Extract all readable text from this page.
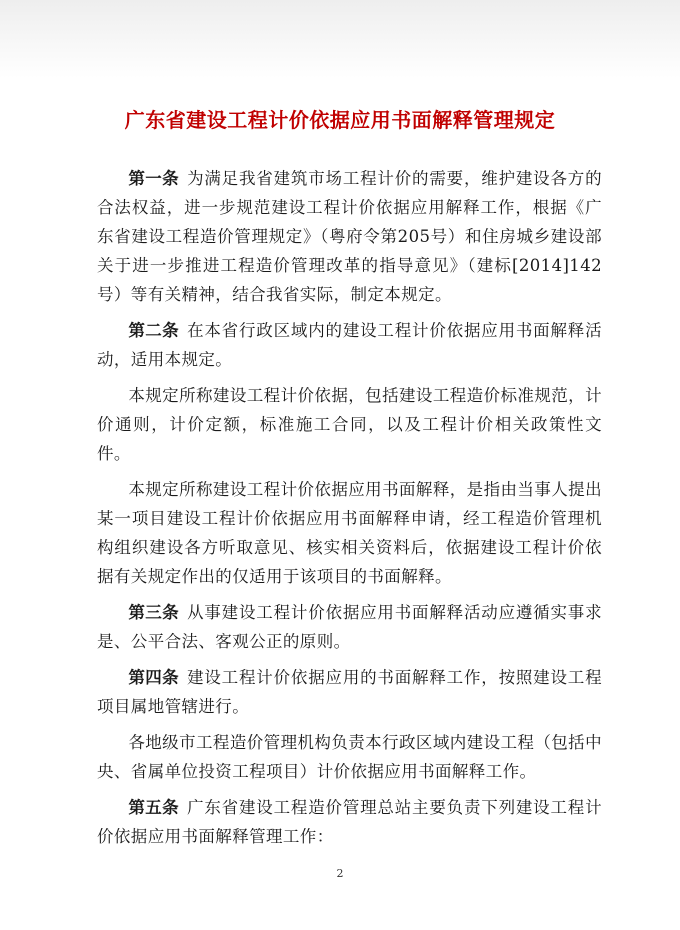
广东省建设工程计价依据应用书面解释管理规定

第一条 为满足我省建筑市场工程计价的需要，维护建设各方的合法权益，进一步规范建设工程计价依据应用解释工作，根据《广东省建设工程造价管理规定》（粤府令第205号）和住房城乡建设部关于进一步推进工程造价管理改革的指导意见》（建标[2014]142号）等有关精神，结合我省实际，制定本规定。

第二条 在本省行政区域内的建设工程计价依据应用书面解释活动，适用本规定。

本规定所称建设工程计价依据，包括建设工程造价标准规范，计价通则，计价定额，标准施工合同，以及工程计价相关政策性文件。

本规定所称建设工程计价依据应用书面解释，是指由当事人提出某一项目建设工程计价依据应用书面解释申请，经工程造价管理机构组织建设各方听取意见、核实相关资料后，依据建设工程计价依据有关规定作出的仅适用于该项目的书面解释。

第三条 从事建设工程计价依据应用书面解释活动应遵循实事求是、公平合法、客观公正的原则。

第四条 建设工程计价依据应用的书面解释工作，按照建设工程项目属地管辖进行。

各地级市工程造价管理机构负责本行政区域内建设工程（包括中央、省属单位投资工程项目）计价依据应用书面解释工作。

第五条 广东省建设工程造价管理总站主要负责下列建设工程计价依据应用书面解释管理工作：

2
